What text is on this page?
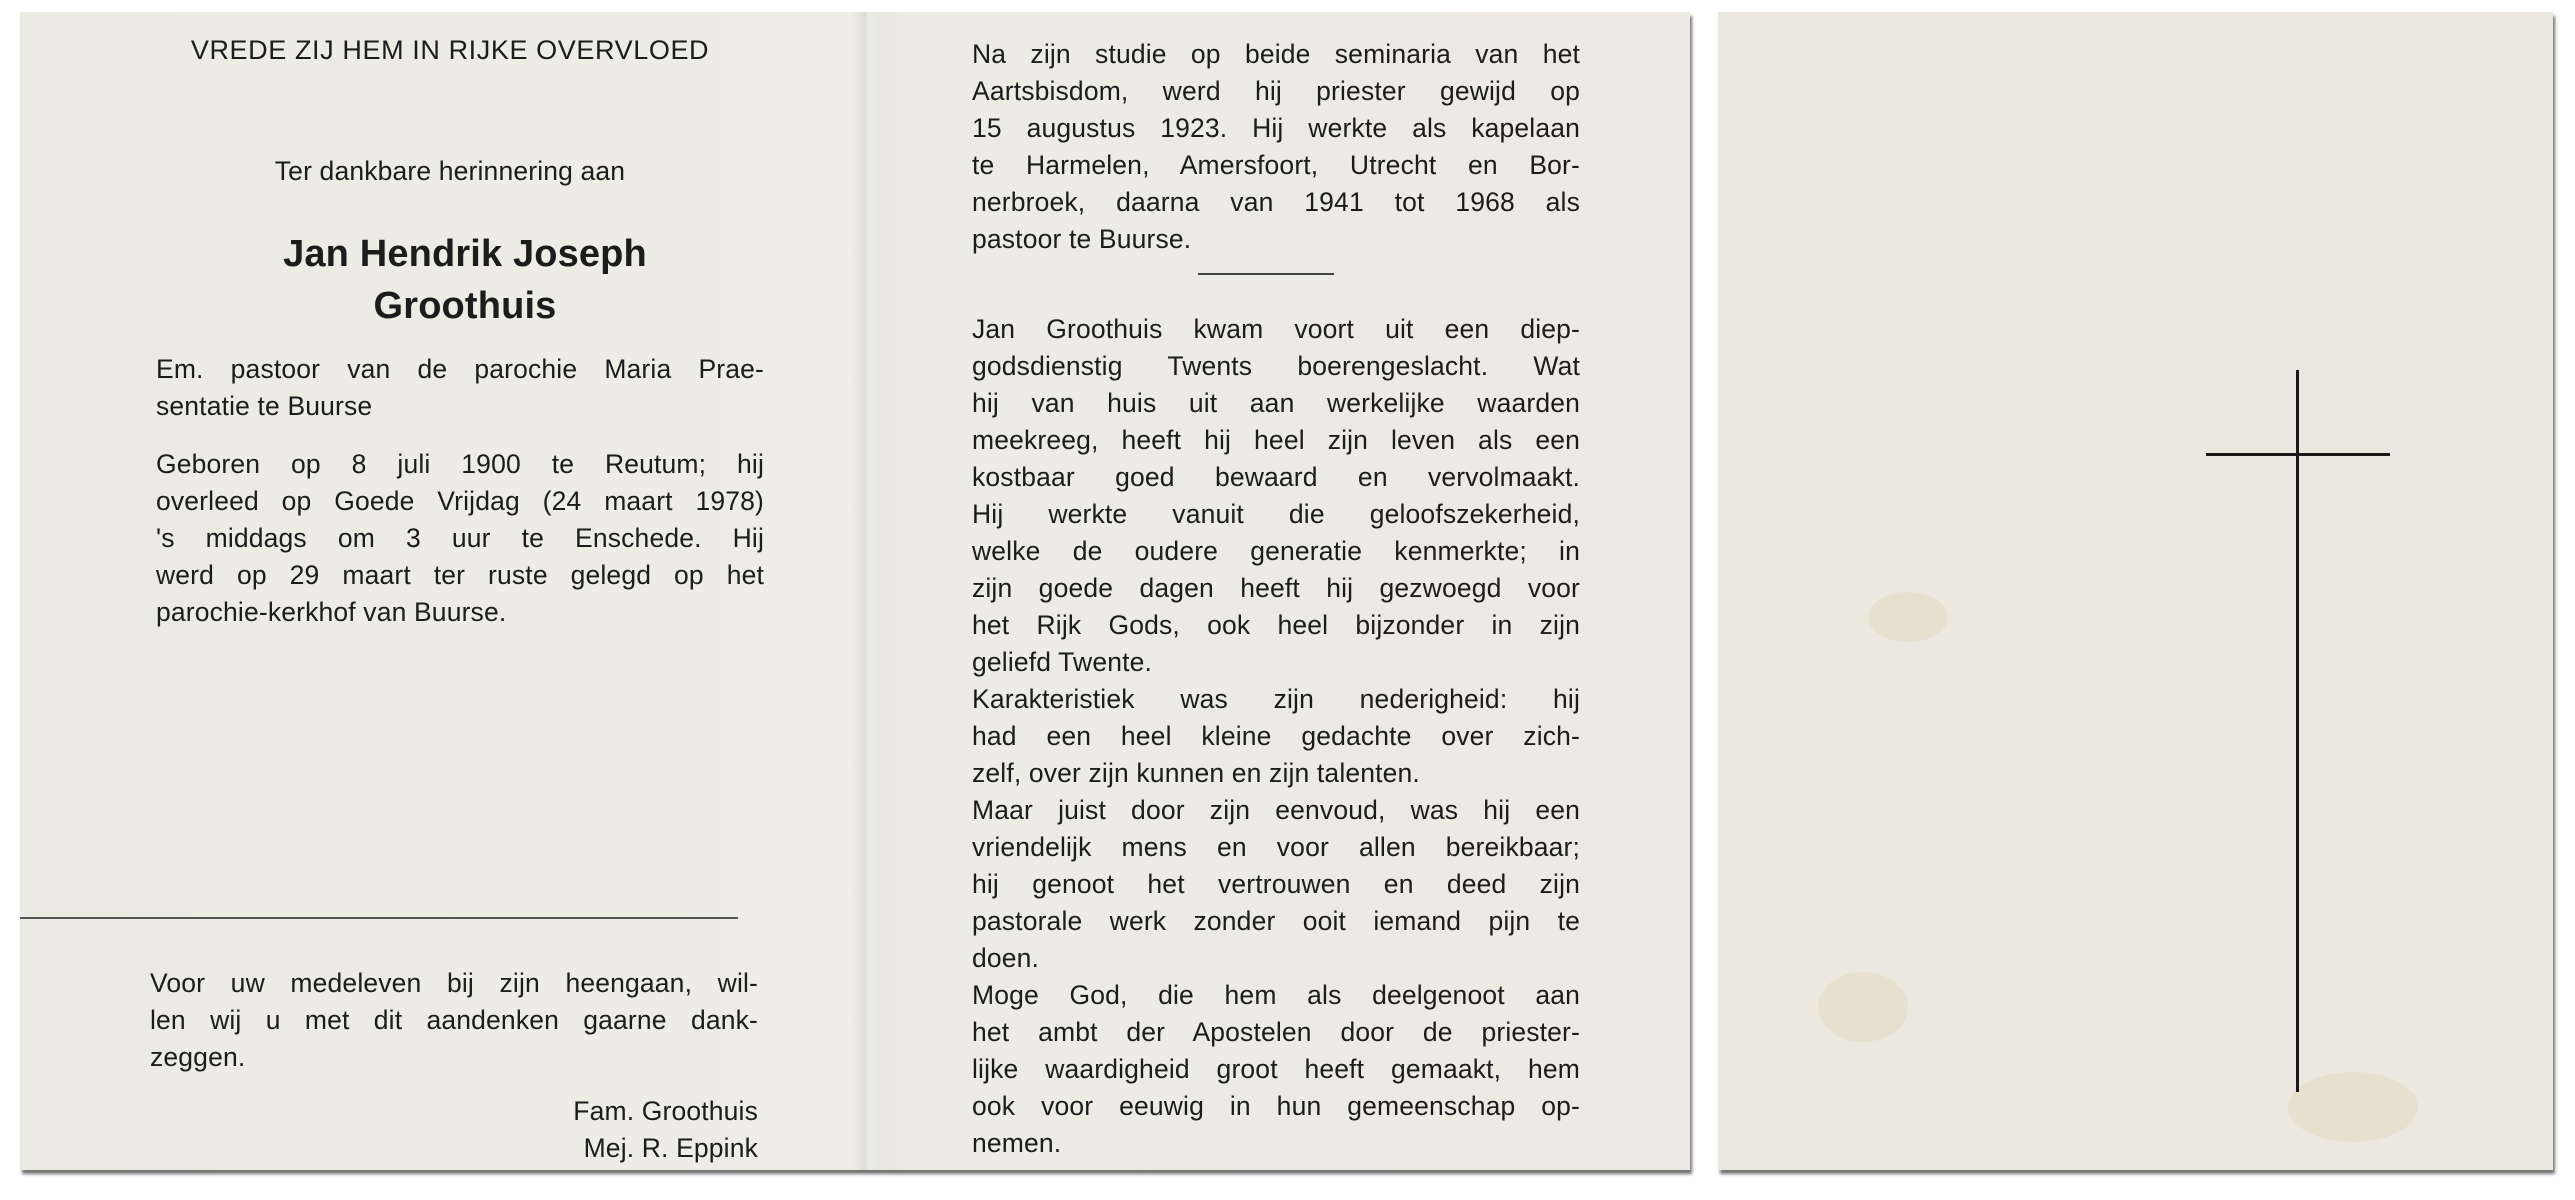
VREDE ZIJ HEM IN RIJKE OVERVLOED
Ter dankbare herinnering aan
Jan Hendrik Joseph
Groothuis
Em. pastoor van de parochie Maria Prae-
sentatie te Buurse
Geboren op 8 juli 1900 te Reutum; hij
overleed op Goede Vrijdag (24 maart 1978)
's middags om 3 uur te Enschede. Hij
werd op 29 maart ter ruste gelegd op het
parochie-kerkhof van Buurse.
Voor uw medeleven bij zijn heengaan, wil-
len wij u met dit aandenken gaarne dank-
zeggen.
Fam. Groothuis
Mej. R. Eppink
Na zijn studie op beide seminaria van het
Aartsbisdom, werd hij priester gewijd op
15 augustus 1923. Hij werkte als kapelaan
te Harmelen, Amersfoort, Utrecht en Bor-
nerbroek, daarna van 1941 tot 1968 als
pastoor te Buurse.
Jan Groothuis kwam voort uit een diep-
godsdienstig Twents boerengeslacht. Wat
hij van huis uit aan werkelijke waarden
meekreeg, heeft hij heel zijn leven als een
kostbaar goed bewaard en vervolmaakt.
Hij werkte vanuit die geloofszekerheid,
welke de oudere generatie kenmerkte; in
zijn goede dagen heeft hij gezwoegd voor
het Rijk Gods, ook heel bijzonder in zijn
geliefd Twente.
Karakteristiek was zijn nederigheid: hij
had een heel kleine gedachte over zich-
zelf, over zijn kunnen en zijn talenten.
Maar juist door zijn eenvoud, was hij een
vriendelijk mens en voor allen bereikbaar;
hij genoot het vertrouwen en deed zijn
pastorale werk zonder ooit iemand pijn te
doen.
Moge God, die hem als deelgenoot aan
het ambt der Apostelen door de priester-
lijke waardigheid groot heeft gemaakt, hem
ook voor eeuwig in hun gemeenschap op-
nemen.
